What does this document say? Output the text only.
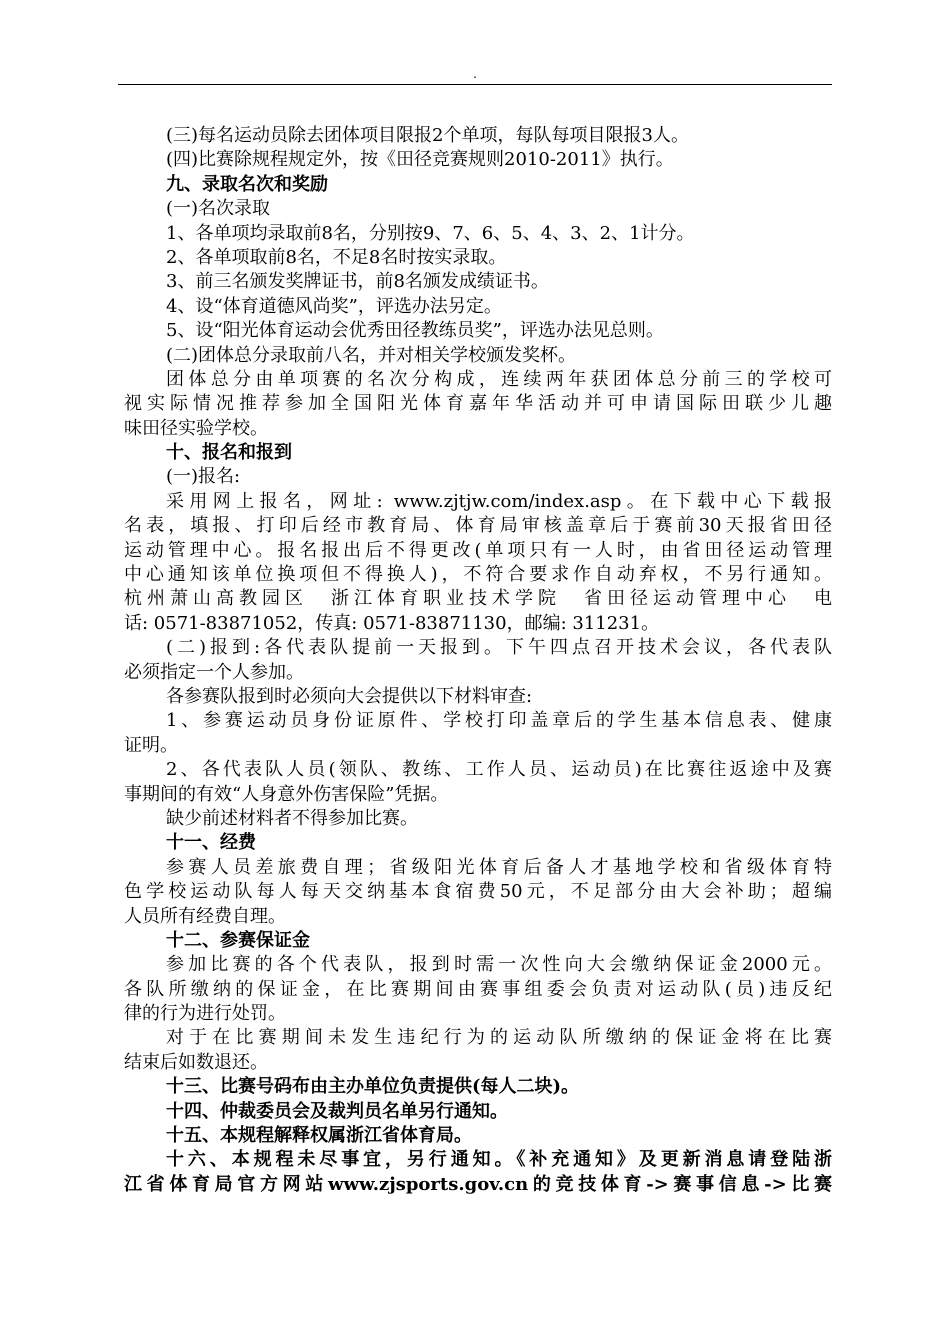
.
(三)每名运动员除去团体项目限报2个单项，每队每项目限报3人。
(四)比赛除规程规定外，按《田径竞赛规则2010-2011》执行。
九、录取名次和奖励
(一)名次录取
1、各单项均录取前8名，分别按9、7、6、5、4、3、2、1计分。
2、各单项取前8名，不足8名时按实录取。
3、前三名颁发奖牌证书，前8名颁发成绩证书。
4、设“体育道德风尚奖”，评选办法另定。
5、设“阳光体育运动会优秀田径教练员奖”，评选办法见总则。
(二)团体总分录取前八名，并对相关学校颁发奖杯。
团体总分由单项赛的名次分构成，连续两年获团体总分前三的学校可
视实际情况推荐参加全国阳光体育嘉年华活动并可申请国际田联少儿趣
味田径实验学校。
十、报名和报到
(一)报名:
采用网上报名，网址: www.zjtjw.com/index.asp。在下载中心下载报
名表，填报、打印后经市教育局、体育局审核盖章后于赛前30天报省田径
运动管理中心。报名报出后不得更改(单项只有一人时，由省田径运动管理
中心通知该单位换项但不得换人)，不符合要求作自动弃权，不另行通知。
杭州萧山高教园区　浙江体育职业技术学院　省田径运动管理中心　电
话: 0571-83871052，传真: 0571-83871130，邮编: 311231。
(二)报到:各代表队提前一天报到。下午四点召开技术会议，各代表队
必须指定一个人参加。
各参赛队报到时必须向大会提供以下材料审查:
1、参赛运动员身份证原件、学校打印盖章后的学生基本信息表、健康
证明。
2、各代表队人员(领队、教练、工作人员、运动员)在比赛往返途中及赛
事期间的有效“人身意外伤害保险”凭据。
缺少前述材料者不得参加比赛。
十一、经费
参赛人员差旅费自理；省级阳光体育后备人才基地学校和省级体育特
色学校运动队每人每天交纳基本食宿费50元，不足部分由大会补助；超编
人员所有经费自理。
十二、参赛保证金
参加比赛的各个代表队，报到时需一次性向大会缴纳保证金2000元。
各队所缴纳的保证金，在比赛期间由赛事组委会负责对运动队(员)违反纪
律的行为进行处罚。
对于在比赛期间未发生违纪行为的运动队所缴纳的保证金将在比赛
结束后如数退还。
十三、比赛号码布由主办单位负责提供(每人二块)。
十四、仲裁委员会及裁判员名单另行通知。
十五、本规程解释权属浙江省体育局。
十六、本规程未尽事宜，另行通知。《补充通知》及更新消息请登陆浙
江省体育局官方网站www.zjsports.gov.cn的竞技体育->赛事信息->比赛
